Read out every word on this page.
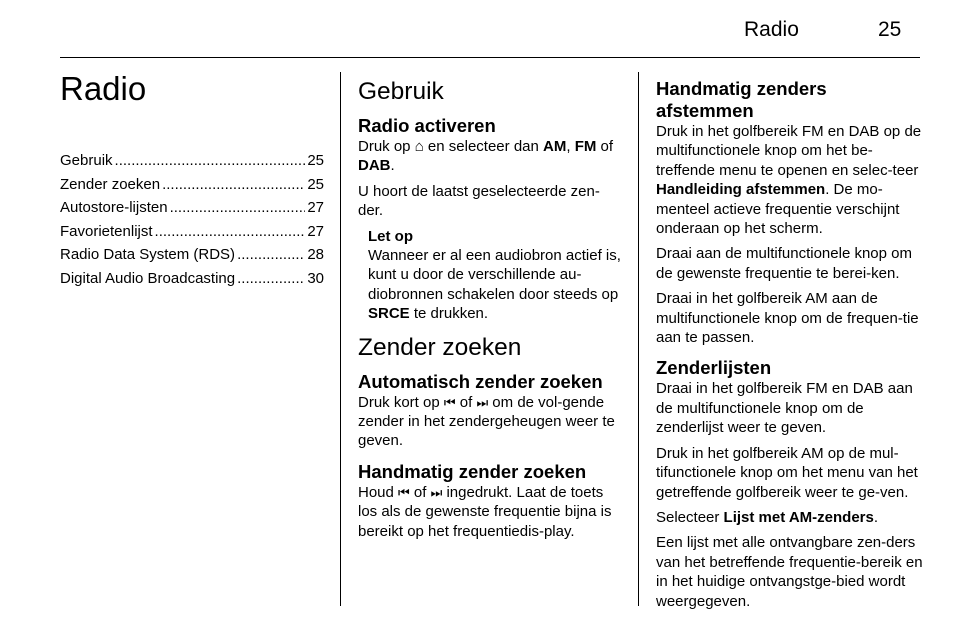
Radio	25
Radio
Gebruik .....	25
Zender zoeken .....	25
Autostore-lijsten .....	27
Favorietenlijst .....	27
Radio Data System (RDS) .....	28
Digital Audio Broadcasting .....	30
Gebruik
Radio activeren

Druk op ⌂ en selecteer dan AM, FM of DAB.

U hoort de laatst geselecteerde zen-der.

Let op

Wanneer er al een audiobron actief is, kunt u door de verschillende au-diobronnen schakelen door steeds op SRCE te drukken.

Zender zoeken
Automatisch zender zoeken

Druk kort op ⏮ of ⏭ om de vol-gende zender in het zendergeheugen weer te geven.

Handmatig zender zoeken

Houd ⏮ of ⏭ ingedrukt. Laat de toets los als de gewenste frequentie bijna is bereikt op het frequentiedis-play.

Handmatig zenders afstemmen

Druk in het golfbereik FM en DAB op de multifunctionele knop om het be-treffende menu te openen en selec-teer Handleiding afstemmen. De mo-menteel actieve frequentie verschijnt onderaan op het scherm.

Draai aan de multifunctionele knop om de gewenste frequentie te berei-ken.

Draai in het golfbereik AM aan de multifunctionele knop om de frequen-tie aan te passen.

Zenderlijsten

Draai in het golfbereik FM en DAB aan de multifunctionele knop om de zenderlijst weer te geven.

Druk in het golfbereik AM op de mul-tifunctionele knop om het menu van het getreffende golfbereik weer te ge-ven.

Selecteer Lijst met AM-zenders.

Een lijst met alle ontvangbare zen-ders van het betreffende frequentie-bereik en in het huidige ontvangstge-bied wordt weergegeven.
